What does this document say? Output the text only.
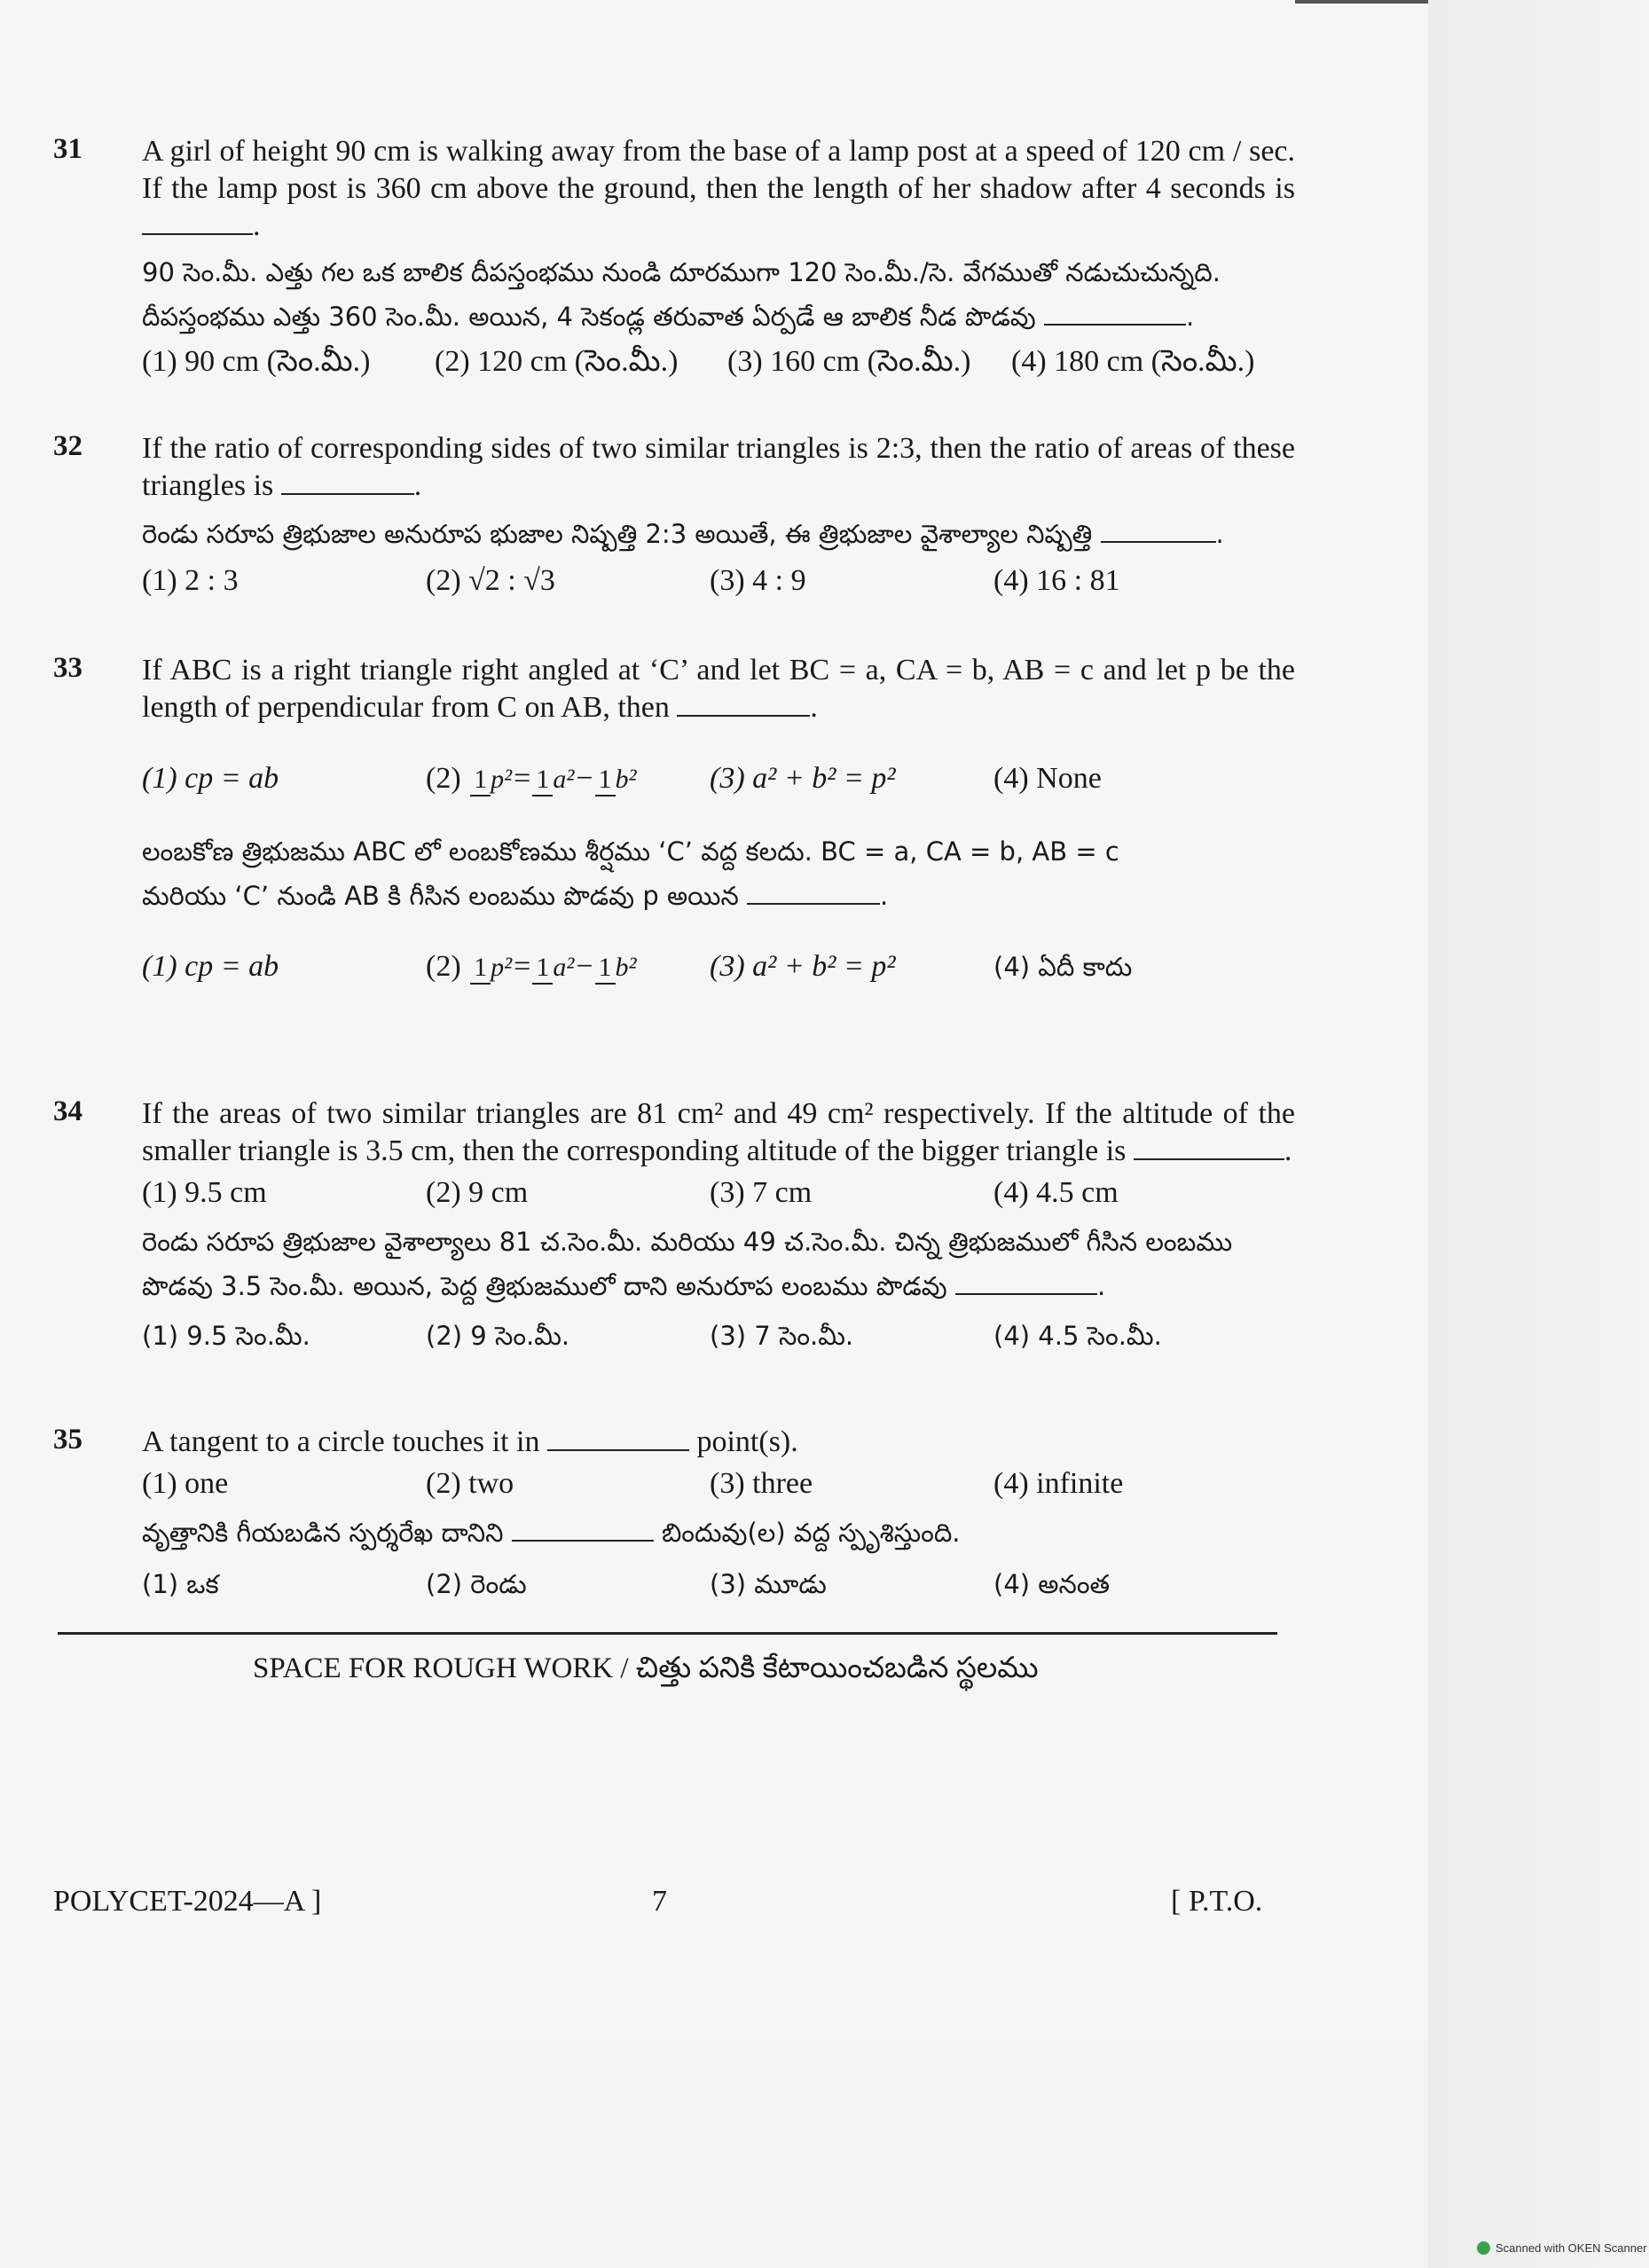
31 A girl of height 90 cm is walking away from the base of a lamp post at a speed of 120 cm / sec. If the lamp post is 360 cm above the ground, then the length of her shadow after 4 seconds is .
90 సెం.మీ. ఎత్తు గల ఒక బాలిక దీపస్తంభము నుండి దూరముగా 120 సెం.మీ./సె. వేగముతో నడుచుచున్నది.
దీపస్తంభము ఎత్తు 360 సెం.మీ. అయిన, 4 సెకండ్ల తరువాత ఏర్పడే ఆ బాలిక నీడ పొడవు	.
(1) 90 cm (సెం.మీ.)	(2) 120 cm (సెం.మీ.)	(3) 160 cm (సెం.మీ.)	(4) 180 cm (సెం.మీ.)
32 If the ratio of corresponding sides of two similar triangles is 2:3, then the ratio of areas of these triangles is	.
రెండు సరూప త్రిభుజాల అనురూప భుజాల నిష్పత్తి 2:3 అయితే, ఈ త్రిభుజాల వైశాల్యాల నిష్పత్తి	.
(1) 2 : 3	(2) √2 : √3	(3) 4 : 9	(4) 16 : 81
33 If ABC is a right triangle right angled at ‘C’ and let BC = a, CA = b, AB = c and let p be the length of perpendicular from C on AB, then	.
(1) cp = ab	(2) 1 p²= 1 a²− 1 b²	(3) a² + b² = p²	(4) None
లంబకోణ త్రిభుజము ABC లో లంబకోణము శీర్షము ‘C’ వద్ద కలదు. BC = a, CA = b, AB = c
మరియు ‘C’ నుండి AB కి గీసిన లంబము పొడవు p అయిన	.
(1) cp = ab	(2) 1 p²= 1 a²− 1 b²	(3) a² + b² = p²	(4) ఏదీ కాదు
34 If the areas of two similar triangles are 81 cm² and 49 cm² respectively. If the altitude of the smaller triangle is 3.5 cm, then the corresponding altitude of the bigger triangle is	.
(1) 9.5 cm	(2) 9 cm	(3) 7 cm	(4) 4.5 cm
రెండు సరూప త్రిభుజాల వైశాల్యాలు 81 చ.సెం.మీ. మరియు 49 చ.సెం.మీ. చిన్న త్రిభుజములో గీసిన లంబము
పొడవు 3.5 సెం.మీ. అయిన, పెద్ద త్రిభుజములో దాని అనురూప లంబము పొడవు	.
(1) 9.5 సెం.మీ.	(2) 9 సెం.మీ.	(3) 7 సెం.మీ.	(4) 4.5 సెం.మీ.
35 A tangent to a circle touches it in	point(s).
(1) one	(2) two	(3) three	(4) infinite
వృత్తానికి గీయబడిన స్పర్శరేఖ దానిని	బిందువు(ల) వద్ద స్పృశిస్తుంది.
(1) ఒక	(2) రెండు	(3) మూడు	(4) అనంత
SPACE FOR ROUGH WORK / చిత్తు పనికి కేటాయించబడిన స్థలము
POLYCET-2024—A ]	7	[ P.T.O.
Scanned with OKEN Scanner
